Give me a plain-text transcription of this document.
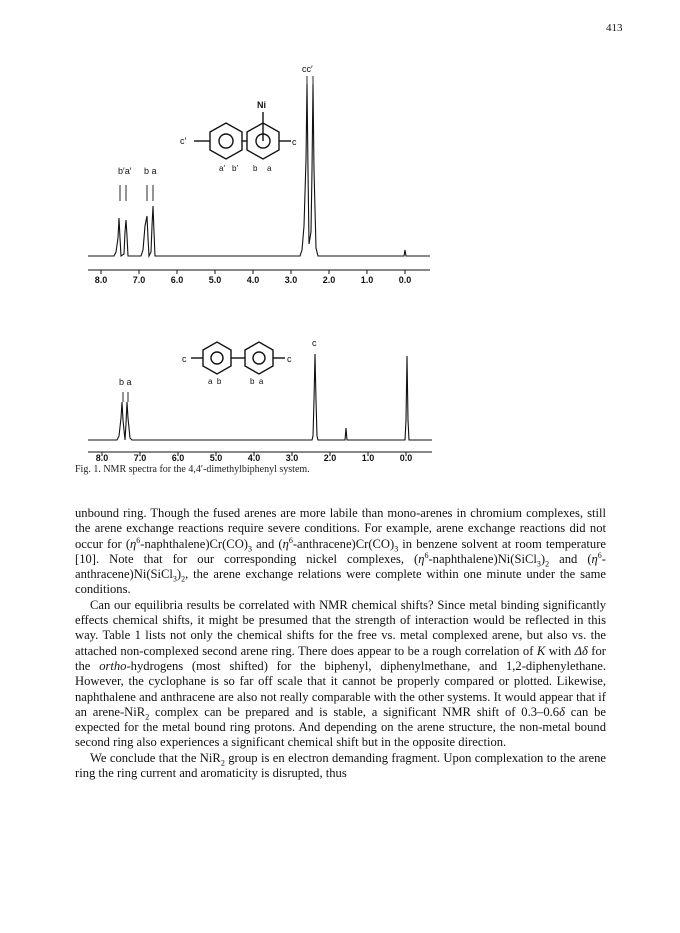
413
Ni
c′	c
a′ b′ b a
b′a′ b a
cc′
8.0	7.0	6.0	5.0	4.0	3.0	2.0	1.0	0.0
c	c
a  b	b  a
b a
c
8.0	7.0	6.0	5.0	4.0	3.0	2.0	1.0	0.0
Fig. 1. NMR spectra for the 4,4′-dimethylbiphenyl system.

unbound ring. Though the fused arenes are more labile than mono-arenes in chromium complexes, still the arene exchange reactions require severe conditions. For example, arene exchange reactions did not occur for $(\eta^6-naphthalene)Cr(CO)_3$ and $(\eta^6-anthracene)Cr(CO)_3$ in benzene solvent at room temperature [10]. Note that for our corresponding nickel complexes, $(\eta^6-naphthalene)Ni(SiCl_3)_2$ and $(\eta^6-anthracene)Ni(SiCl_3)_2$, the arene exchange relations were complete within one minute under the same conditions.

Can our equilibria results be correlated with NMR chemical shifts? Since metal binding significantly effects chemical shifts, it might be presumed that the strength of interaction would be reflected in this way. Table 1 lists not only the chemical shifts for the free vs. metal complexed arene, but also vs. the attached non-complexed second arene ring. There does appear to be a rough correlation of K with Δδ for the ortho-hydrogens (most shifted) for the biphenyl, diphenylmethane, and 1,2-diphenylethane. However, the cyclophane is so far off scale that it cannot be properly compared or plotted. Likewise, naphthalene and anthracene are also not really comparable with the other systems. It would appear that if an arene-NiR$_2$ complex can be prepared and is stable, a significant NMR shift of 0.3–0.6δ can be expected for the metal bound ring protons. And depending on the arene structure, the non-metal bound second ring also experiences a significant chemical shift but in the opposite direction.

We conclude that the NiR$_2$ group is en electron demanding fragment. Upon complexation to the arene ring the ring current and aromaticity is disrupted, thus
